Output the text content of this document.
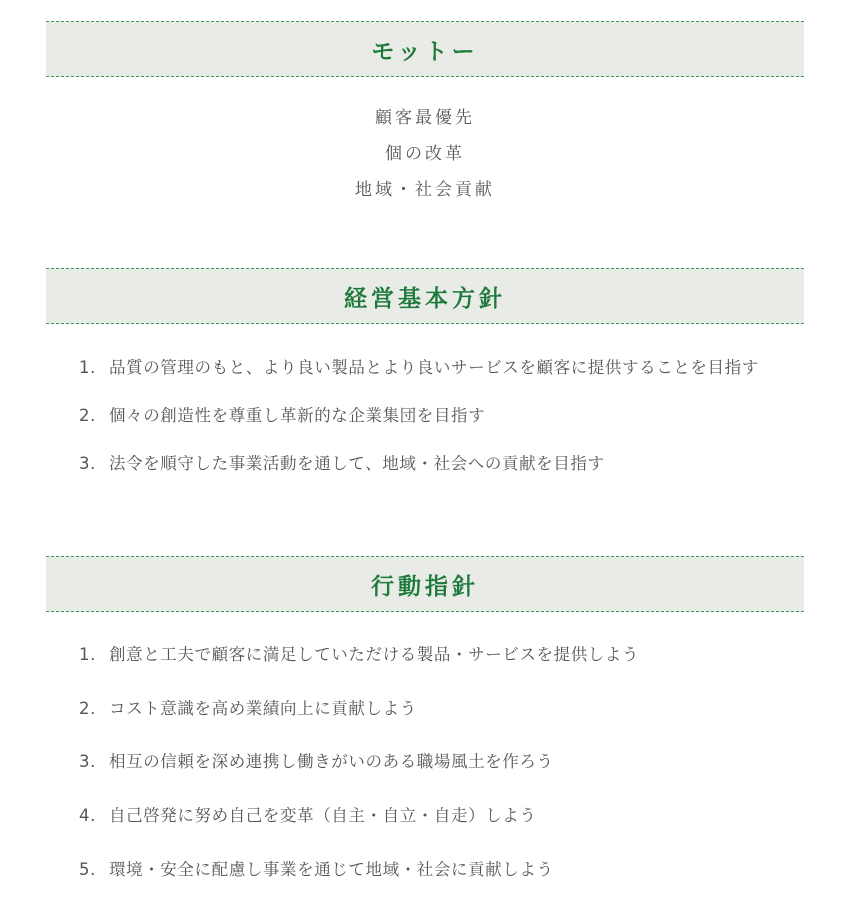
モットー
顧客最優先
個の改革
地域・社会貢献
経営基本方針
1. 品質の管理のもと、より良い製品とより良いサービスを顧客に提供することを目指す
2. 個々の創造性を尊重し革新的な企業集団を目指す
3. 法令を順守した事業活動を通して、地域・社会への貢献を目指す
行動指針
1. 創意と工夫で顧客に満足していただける製品・サービスを提供しよう
2. コスト意識を高め業績向上に貢献しよう
3. 相互の信頼を深め連携し働きがいのある職場風土を作ろう
4. 自己啓発に努め自己を変革（自主・自立・自走）しよう
5. 環境・安全に配慮し事業を通じて地域・社会に貢献しよう
